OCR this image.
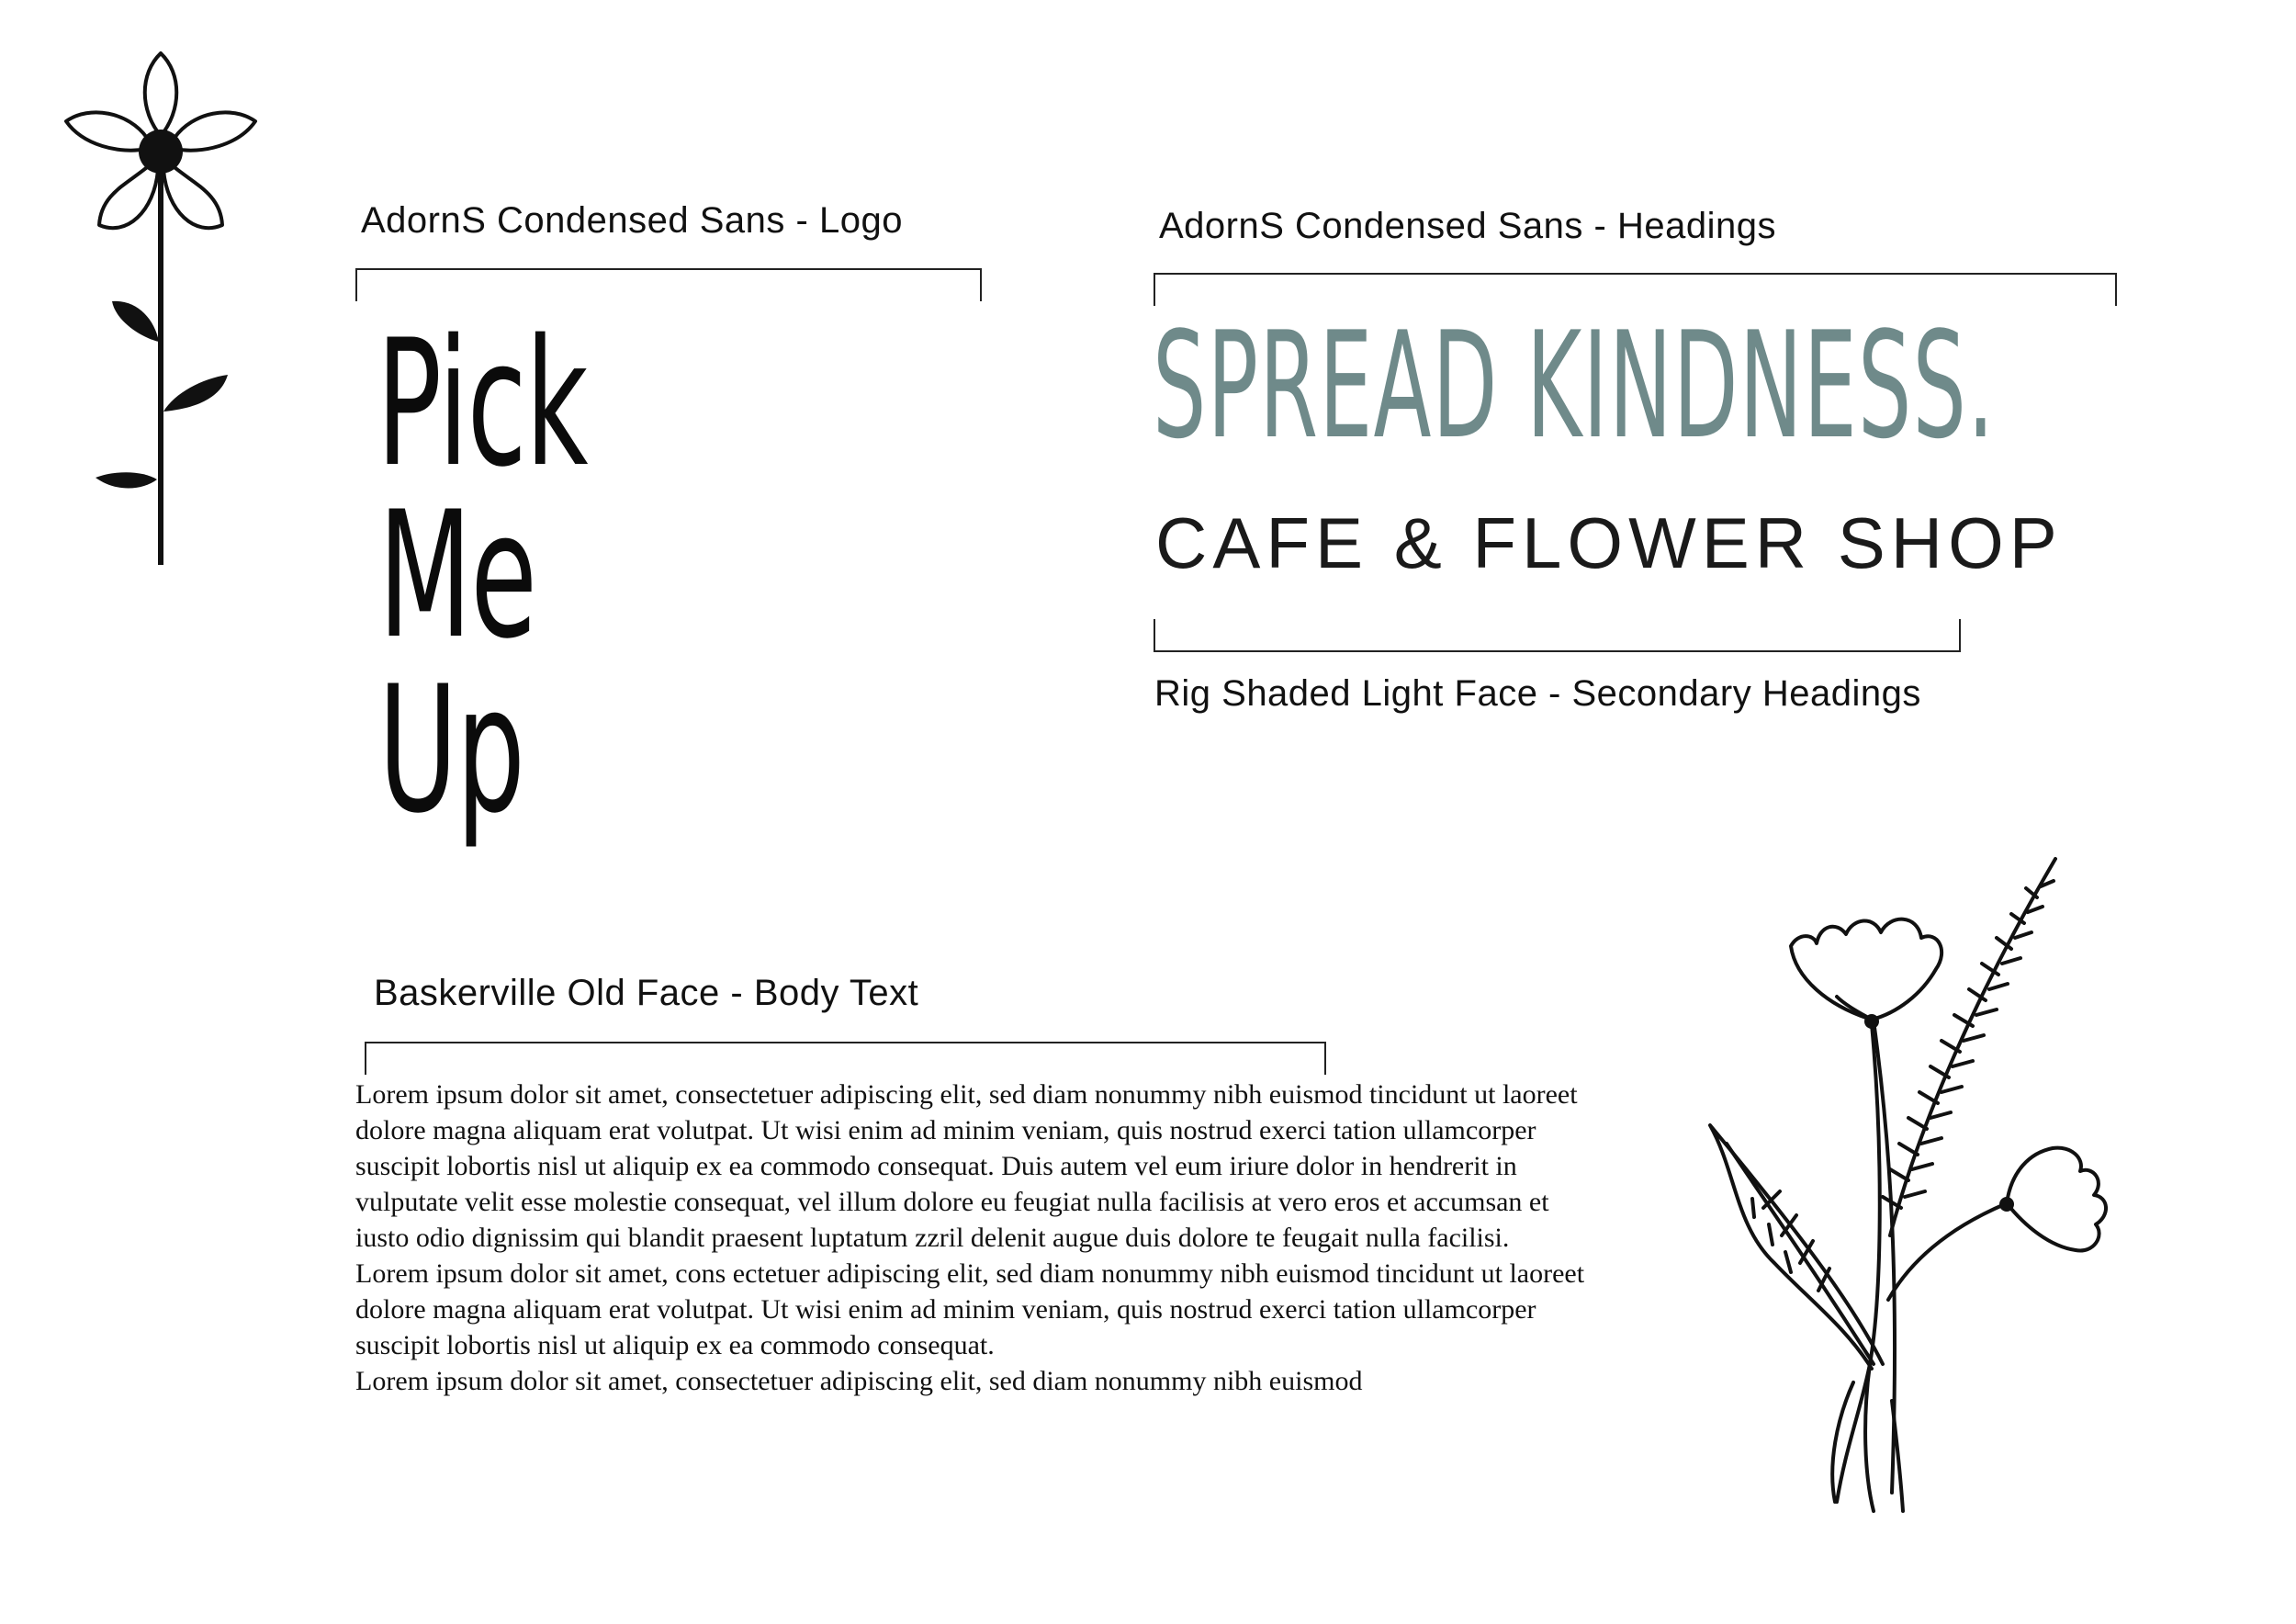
AdornS Condensed Sans - Logo
Pick
Me
Up
AdornS Condensed Sans - Headings
SPREAD KINDNESS.
CAFE & FLOWER SHOP
Rig Shaded Light Face - Secondary Headings
Baskerville Old Face - Body Text

Lorem ipsum dolor sit amet, consectetuer adipiscing elit, sed diam nonummy nibh euismod tincidunt ut laoreet dolore magna aliquam erat volutpat. Ut wisi enim ad minim veniam, quis nostrud exerci tation ullamcorper suscipit lobortis nisl ut aliquip ex ea commodo consequat. Duis autem vel eum iriure dolor in hendrerit in vulputate velit esse molestie consequat, vel illum dolore eu feugiat nulla facilisis at vero eros et accumsan et iusto odio dignissim qui blandit praesent luptatum zzril delenit augue duis dolore te feugait nulla facilisi.

Lorem ipsum dolor sit amet, cons ectetuer adipiscing elit, sed diam nonummy nibh euismod tincidunt ut laoreet dolore magna aliquam erat volutpat. Ut wisi enim ad minim veniam, quis nostrud exerci tation ullamcorper suscipit lobortis nisl ut aliquip ex ea commodo consequat.

Lorem ipsum dolor sit amet, consectetuer adipiscing elit, sed diam nonummy nibh euismod
